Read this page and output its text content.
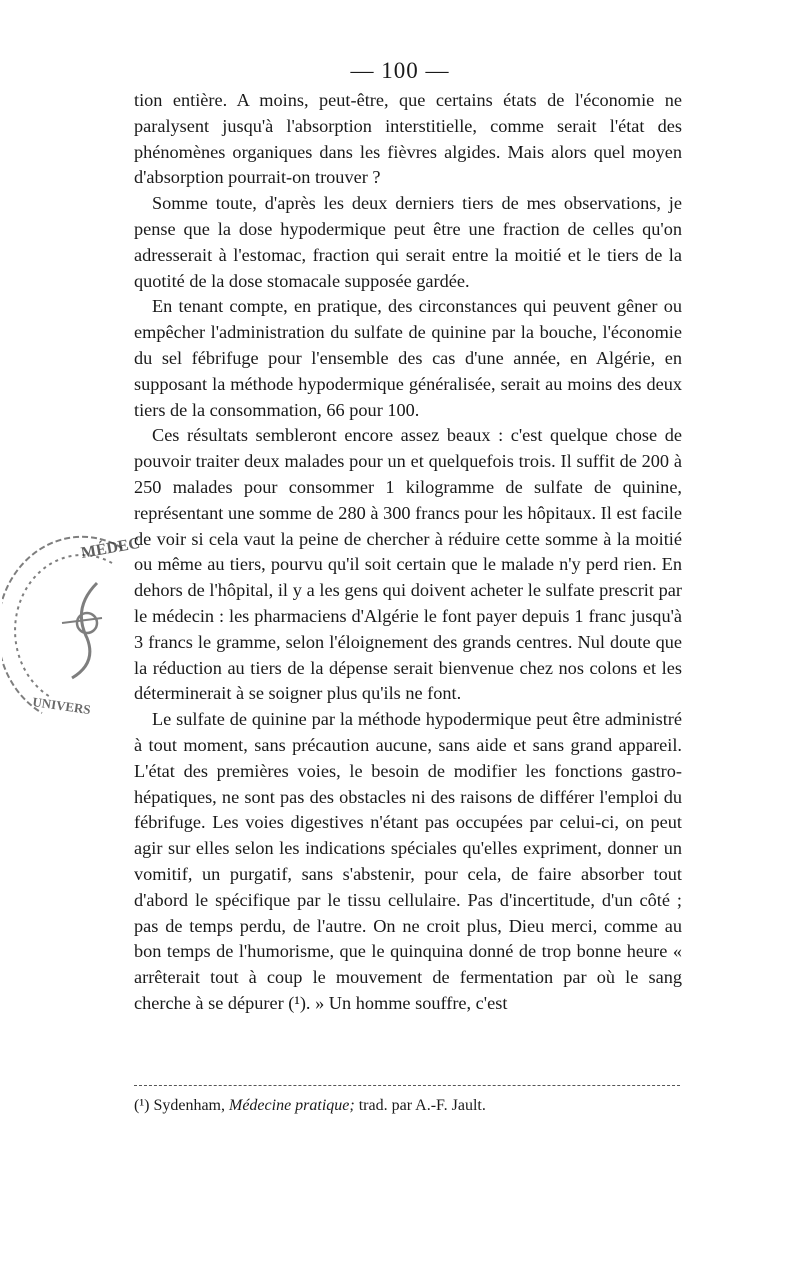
— 100 —

tion entière. A moins, peut-être, que certains états de l'économie ne paralysent jusqu'à l'absorption interstitielle, comme serait l'état des phénomènes organiques dans les fièvres algides. Mais alors quel moyen d'absorption pourrait-on trouver ?

Somme toute, d'après les deux derniers tiers de mes observations, je pense que la dose hypodermique peut être une fraction de celles qu'on adresserait à l'estomac, fraction qui serait entre la moitié et le tiers de la quotité de la dose stomacale supposée gardée.

En tenant compte, en pratique, des circonstances qui peuvent gêner ou empêcher l'administration du sulfate de quinine par la bouche, l'économie du sel fébrifuge pour l'ensemble des cas d'une année, en Algérie, en supposant la méthode hypodermique généralisée, serait au moins des deux tiers de la consommation, 66 pour 100.

Ces résultats sembleront encore assez beaux : c'est quelque chose de pouvoir traiter deux malades pour un et quelquefois trois. Il suffit de 200 à 250 malades pour consommer 1 kilogramme de sulfate de quinine, représentant une somme de 280 à 300 francs pour les hôpitaux. Il est facile de voir si cela vaut la peine de chercher à réduire cette somme à la moitié ou même au tiers, pourvu qu'il soit certain que le malade n'y perd rien. En dehors de l'hôpital, il y a les gens qui doivent acheter le sulfate prescrit par le médecin : les pharmaciens d'Algérie le font payer depuis 1 franc jusqu'à 3 francs le gramme, selon l'éloignement des grands centres. Nul doute que la réduction au tiers de la dépense serait bienvenue chez nos colons et les déterminerait à se soigner plus qu'ils ne font.

Le sulfate de quinine par la méthode hypodermique peut être administré à tout moment, sans précaution aucune, sans aide et sans grand appareil. L'état des premières voies, le besoin de modifier les fonctions gastro-hépatiques, ne sont pas des obstacles ni des raisons de différer l'emploi du fébrifuge. Les voies digestives n'étant pas occupées par celui-ci, on peut agir sur elles selon les indications spéciales qu'elles expriment, donner un vomitif, un purgatif, sans s'abstenir, pour cela, de faire absorber tout d'abord le spécifique par le tissu cellulaire. Pas d'incertitude, d'un côté ; pas de temps perdu, de l'autre. On ne croit plus, Dieu merci, comme au bon temps de l'humorisme, que le quinquina donné de trop bonne heure « arrêterait tout à coup le mouvement de fermentation par où le sang cherche à se dépurer (¹). » Un homme souffre, c'est

(¹) Sydenham, Médecine pratique; trad. par A.-F. Jault.
MÉDEC
UNIVERS
